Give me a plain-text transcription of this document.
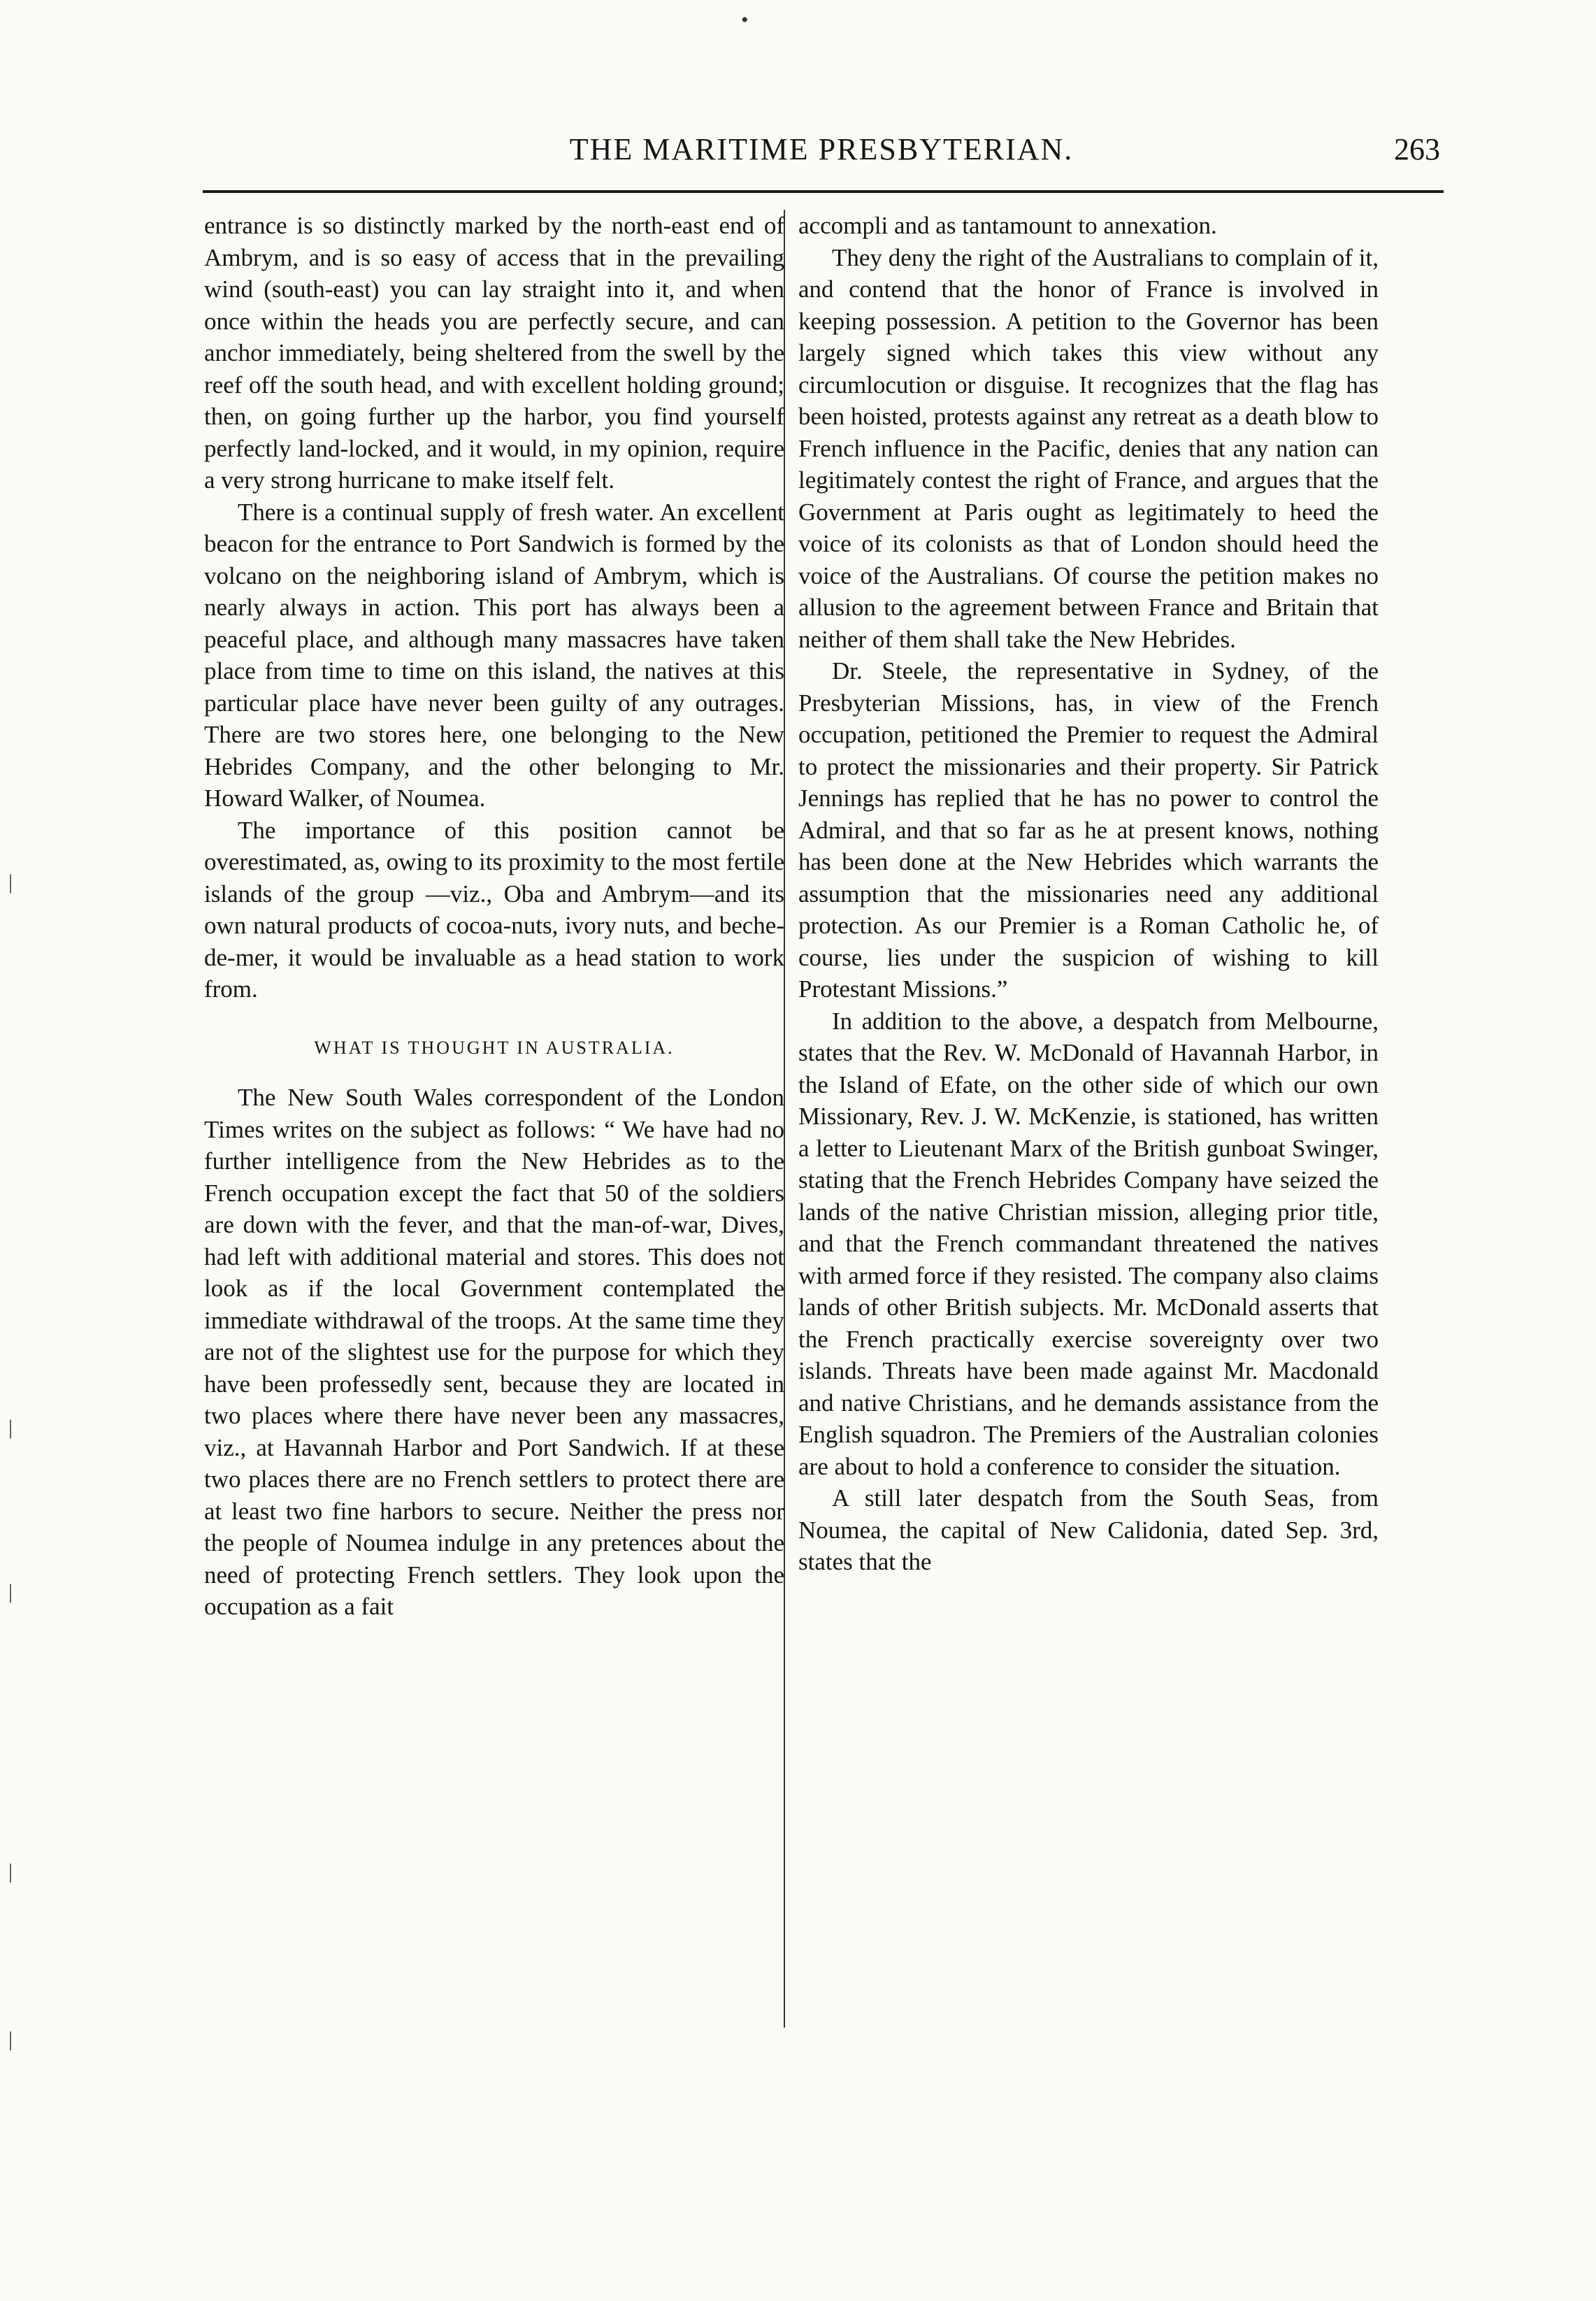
THE MARITIME PRESBYTERIAN.	263

entrance is so distinctly marked by the north-east end of Ambrym, and is so easy of access that in the prevailing wind (south-east) you can lay straight into it, and when once within the heads you are perfectly secure, and can anchor immediately, being sheltered from the swell by the reef off the south head, and with excellent holding ground; then, on going further up the harbor, you find yourself perfectly land-locked, and it would, in my opinion, require a very strong hurricane to make itself felt.

There is a continual supply of fresh water. An excellent beacon for the entrance to Port Sandwich is formed by the volcano on the neighboring island of Ambrym, which is nearly always in action. This port has always been a peaceful place, and although many massacres have taken place from time to time on this island, the natives at this particular place have never been guilty of any outrages. There are two stores here, one belonging to the New Hebrides Company, and the other belonging to Mr. Howard Walker, of Noumea.

The importance of this position cannot be overestimated, as, owing to its proximity to the most fertile islands of the group —viz., Oba and Ambrym—and its own natural products of cocoa-nuts, ivory nuts, and beche-de-mer, it would be invaluable as a head station to work from.

WHAT IS THOUGHT IN AUSTRALIA.

The New South Wales correspondent of the London Times writes on the subject as follows: “ We have had no further intelligence from the New Hebrides as to the French occupation except the fact that 50 of the soldiers are down with the fever, and that the man-of-war, Dives, had left with additional material and stores. This does not look as if the local Government contemplated the immediate withdrawal of the troops. At the same time they are not of the slightest use for the purpose for which they have been professedly sent, because they are located in two places where there have never been any massacres, viz., at Havannah Harbor and Port Sandwich. If at these two places there are no French settlers to protect there are at least two fine harbors to secure. Neither the press nor the people of Noumea indulge in any pretences about the need of protecting French settlers. They look upon the occupation as a fait

accompli and as tantamount to annexation.

They deny the right of the Australians to complain of it, and contend that the honor of France is involved in keeping possession. A petition to the Governor has been largely signed which takes this view without any circumlocution or disguise. It recognizes that the flag has been hoisted, protests against any retreat as a death blow to French influence in the Pacific, denies that any nation can legitimately contest the right of France, and argues that the Government at Paris ought as legitimately to heed the voice of its colonists as that of London should heed the voice of the Australians. Of course the petition makes no allusion to the agreement between France and Britain that neither of them shall take the New Hebrides.

Dr. Steele, the representative in Sydney, of the Presbyterian Missions, has, in view of the French occupation, petitioned the Premier to request the Admiral to protect the missionaries and their property. Sir Patrick Jennings has replied that he has no power to control the Admiral, and that so far as he at present knows, nothing has been done at the New Hebrides which warrants the assumption that the missionaries need any additional protection. As our Premier is a Roman Catholic he, of course, lies under the suspicion of wishing to kill Protestant Missions.”

In addition to the above, a despatch from Melbourne, states that the Rev. W. McDonald of Havannah Harbor, in the Island of Efate, on the other side of which our own Missionary, Rev. J. W. McKenzie, is stationed, has written a letter to Lieutenant Marx of the British gunboat Swinger, stating that the French Hebrides Company have seized the lands of the native Christian mission, alleging prior title, and that the French commandant threatened the natives with armed force if they resisted. The company also claims lands of other British subjects. Mr. McDonald asserts that the French practically exercise sovereignty over two islands. Threats have been made against Mr. Macdonald and native Christians, and he demands assistance from the English squadron. The Premiers of the Australian colonies are about to hold a conference to consider the situation.

A still later despatch from the South Seas, from Noumea, the capital of New Calidonia, dated Sep. 3rd, states that the

•
|
|
|
|
|
